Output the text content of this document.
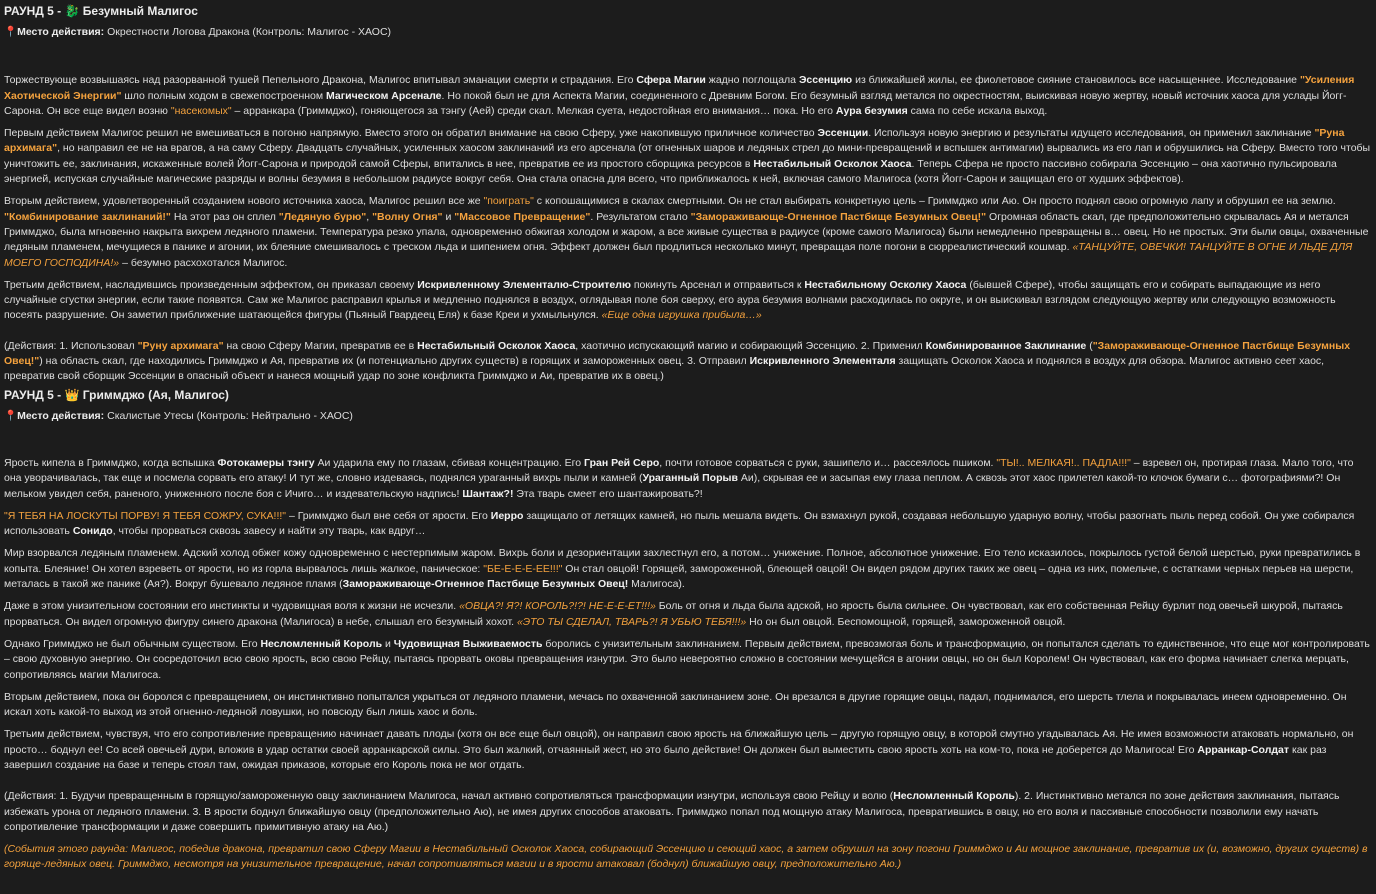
РАУНД 5 - 🐉 Безумный Малигос
📍Место действия: Окрестности Логова Дракона (Контроль: Малигос - ХАОС)

Торжествующе возвышаясь над разорванной тушей Пепельного Дракона, Малигос впитывал эманации смерти и страдания. Его Сфера Магии жадно поглощала Эссенцию из ближайшей жилы, ее фиолетовое сияние становилось все насыщеннее. Исследование "Усиления Хаотической Энергии" шло полным ходом в свежепостроенном Магическом Арсенале. Но покой был не для Аспекта Магии, соединенного с Древним Богом. Его безумный взгляд метался по окрестностям, выискивая новую жертву, новый источник хаоса для услады Йогг-Сарона. Он все еще видел возню "насекомых" – арранкара (Гриммджо), гоняющегося за тэнгу (Аей) среди скал. Мелкая суета, недостойная его внимания… пока. Но его Аура безумия сама по себе искала выход.

Первым действием Малигос решил не вмешиваться в погоню напрямую. Вместо этого он обратил внимание на свою Сферу, уже накопившую приличное количество Эссенции. Используя новую энергию и результаты идущего исследования, он применил заклинание "Руна архимага", но направил ее не на врагов, а на саму Сферу. Двадцать случайных, усиленных хаосом заклинаний из его арсенала (от огненных шаров и ледяных стрел до мини-превращений и вспышек антимагии) вырвались из его лап и обрушились на Сферу. Вместо того чтобы уничтожить ее, заклинания, искаженные волей Йогг-Сарона и природой самой Сферы, впитались в нее, превратив ее из простого сборщика ресурсов в Нестабильный Осколок Хаоса. Теперь Сфера не просто пассивно собирала Эссенцию – она хаотично пульсировала энергией, испуская случайные магические разряды и волны безумия в небольшом радиусе вокруг себя. Она стала опасна для всего, что приближалось к ней, включая самого Малигоса (хотя Йогг-Сарон и защищал его от худших эффектов).

Вторым действием, удовлетворенный созданием нового источника хаоса, Малигос решил все же "поиграть" с копошащимися в скалах смертными. Он не стал выбирать конкретную цель – Гриммджо или Аю. Он просто поднял свою огромную лапу и обрушил ее на землю. "Комбинирование заклинаний!" На этот раз он сплел "Ледяную бурю", "Волну Огня" и "Массовое Превращение". Результатом стало "Замораживающе-Огненное Пастбище Безумных Овец!" Огромная область скал, где предположительно скрывалась Ая и метался Гриммджо, была мгновенно накрыта вихрем ледяного пламени. Температура резко упала, одновременно обжигая холодом и жаром, а все живые существа в радиусе (кроме самого Малигоса) были немедленно превращены в… овец. Но не простых. Эти были овцы, охваченные ледяным пламенем, мечущиеся в панике и агонии, их блеяние смешивалось с треском льда и шипением огня. Эффект должен был продлиться несколько минут, превращая поле погони в сюрреалистический кошмар. «ТАНЦУЙТЕ, ОВЕЧКИ! ТАНЦУЙТЕ В ОГНЕ И ЛЬДЕ ДЛЯ МОЕГО ГОСПОДИНА!» – безумно расхохотался Малигос.

Третьим действием, насладившись произведенным эффектом, он приказал своему Искривленному Элементалю-Строителю покинуть Арсенал и отправиться к Нестабильному Осколку Хаоса (бывшей Сфере), чтобы защищать его и собирать выпадающие из него случайные сгустки энергии, если такие появятся. Сам же Малигос расправил крылья и медленно поднялся в воздух, оглядывая поле боя сверху, его аура безумия волнами расходилась по округе, и он выискивал взглядом следующую жертву или следующую возможность посеять разрушение. Он заметил приближение шатающейся фигуры (Пьяный Гвардеец Еля) к базе Креи и ухмыльнулся. «Еще одна игрушка прибыла…»

(Действия: 1. Использовал "Руну архимага" на свою Сферу Магии, превратив ее в Нестабильный Осколок Хаоса, хаотично испускающий магию и собирающий Эссенцию. 2. Применил Комбинированное Заклинание ("Замораживающе-Огненное Пастбище Безумных Овец!") на область скал, где находились Гриммджо и Ая, превратив их (и потенциально других существ) в горящих и замороженных овец. 3. Отправил Искривленного Элементаля защищать Осколок Хаоса и поднялся в воздух для обзора. Малигос активно сеет хаос, превратив свой сборщик Эссенции в опасный объект и нанеся мощный удар по зоне конфликта Гриммджо и Аи, превратив их в овец.)

РАУНД 5 - 👑 Гриммджо (Ая, Малигос)
📍Место действия: Скалистые Утесы (Контроль: Нейтрально - ХАОС)

Ярость кипела в Гриммджо, когда вспышка Фотокамеры тэнгу Аи ударила ему по глазам, сбивая концентрацию. Его Гран Рей Серо, почти готовое сорваться с руки, зашипело и… рассеялось пшиком. "ТЫ!.. МЕЛКАЯ!.. ПАДЛА!!!" – взревел он, протирая глаза. Мало того, что она уворачивалась, так еще и посмела сорвать его атаку! И тут же, словно издеваясь, поднялся ураганный вихрь пыли и камней (Ураганный Порыв Аи), скрывая ее и засыпая ему глаза пеплом. А сквозь этот хаос прилетел какой-то клочок бумаги с… фотографиями?! Он мельком увидел себя, раненого, униженного после боя с Ичиго… и издевательскую надпись! Шантаж?! Эта тварь смеет его шантажировать?!

"Я ТЕБЯ НА ЛОСКУТЫ ПОРВУ! Я ТЕБЯ СОЖРУ, СУКА!!!" – Гриммджо был вне себя от ярости. Его Иерро защищало от летящих камней, но пыль мешала видеть. Он взмахнул рукой, создавая небольшую ударную волну, чтобы разогнать пыль перед собой. Он уже собирался использовать Сонидо, чтобы прорваться сквозь завесу и найти эту тварь, как вдруг…

Мир взорвался ледяным пламенем. Адский холод обжег кожу одновременно с нестерпимым жаром. Вихрь боли и дезориентации захлестнул его, а потом… унижение. Полное, абсолютное унижение. Его тело исказилось, покрылось густой белой шерстью, руки превратились в копыта. Блеяние! Он хотел взреветь от ярости, но из горла вырвалось лишь жалкое, паническое: "БЕ-Е-Е-Е-ЕЕ!!!" Он стал овцой! Горящей, замороженной, блеющей овцой! Он видел рядом других таких же овец – одна из них, помельче, с остатками черных перьев на шерсти, металась в такой же панике (Ая?). Вокруг бушевало ледяное пламя (Замораживающе-Огненное Пастбище Безумных Овец! Малигоса).

Даже в этом унизительном состоянии его инстинкты и чудовищная воля к жизни не исчезли. «ОВЦА?! Я?! КОРОЛЬ?!?! НЕ-Е-Е-ЕТ!!!» Боль от огня и льда была адской, но ярость была сильнее. Он чувствовал, как его собственная Рейцу бурлит под овечьей шкурой, пытаясь прорваться. Он видел огромную фигуру синего дракона (Малигоса) в небе, слышал его безумный хохот. «ЭТО ТЫ СДЕЛАЛ, ТВАРЬ?! Я УБЬЮ ТЕБЯ!!!» Но он был овцой. Беспомощной, горящей, замороженной овцой.

Однако Гриммджо не был обычным существом. Его Несломленный Король и Чудовищная Выживаемость боролись с унизительным заклинанием. Первым действием, превозмогая боль и трансформацию, он попытался сделать то единственное, что еще мог контролировать – свою духовную энергию. Он сосредоточил всю свою ярость, всю свою Рейцу, пытаясь прорвать оковы превращения изнутри. Это было невероятно сложно в состоянии мечущейся в агонии овцы, но он был Королем! Он чувствовал, как его форма начинает слегка мерцать, сопротивляясь магии Малигоса.

Вторым действием, пока он боролся с превращением, он инстинктивно попытался укрыться от ледяного пламени, мечась по охваченной заклинанием зоне. Он врезался в другие горящие овцы, падал, поднимался, его шерсть тлела и покрывалась инеем одновременно. Он искал хоть какой-то выход из этой огненно-ледяной ловушки, но повсюду был лишь хаос и боль.

Третьим действием, чувствуя, что его сопротивление превращению начинает давать плоды (хотя он все еще был овцой), он направил свою ярость на ближайшую цель – другую горящую овцу, в которой смутно угадывалась Ая. Не имея возможности атаковать нормально, он просто… боднул ее! Со всей овечьей дури, вложив в удар остатки своей арранкарской силы. Это был жалкий, отчаянный жест, но это было действие! Он должен был выместить свою ярость хоть на ком-то, пока не доберется до Малигоса! Его Арранкар-Солдат как раз завершил создание на базе и теперь стоял там, ожидая приказов, которые его Король пока не мог отдать.

(Действия: 1. Будучи превращенным в горящую/замороженную овцу заклинанием Малигоса, начал активно сопротивляться трансформации изнутри, используя свою Рейцу и волю (Несломленный Король). 2. Инстинктивно метался по зоне действия заклинания, пытаясь избежать урона от ледяного пламени. 3. В ярости боднул ближайшую овцу (предположительно Аю), не имея других способов атаковать. Гриммджо попал под мощную атаку Малигоса, превратившись в овцу, но его воля и пассивные способности позволили ему начать сопротивление трансформации и даже совершить примитивную атаку на Аю.)

(События этого раунда: Малигос, победив дракона, превратил свою Сферу Магии в Нестабильный Осколок Хаоса, собирающий Эссенцию и сеющий хаос, а затем обрушил на зону погони Гриммджо и Аи мощное заклинание, превратив их (и, возможно, других существ) в горяще-ледяных овец. Гриммджо, несмотря на унизительное превращение, начал сопротивляться магии и в ярости атаковал (боднул) ближайшую овцу, предположительно Аю.)
